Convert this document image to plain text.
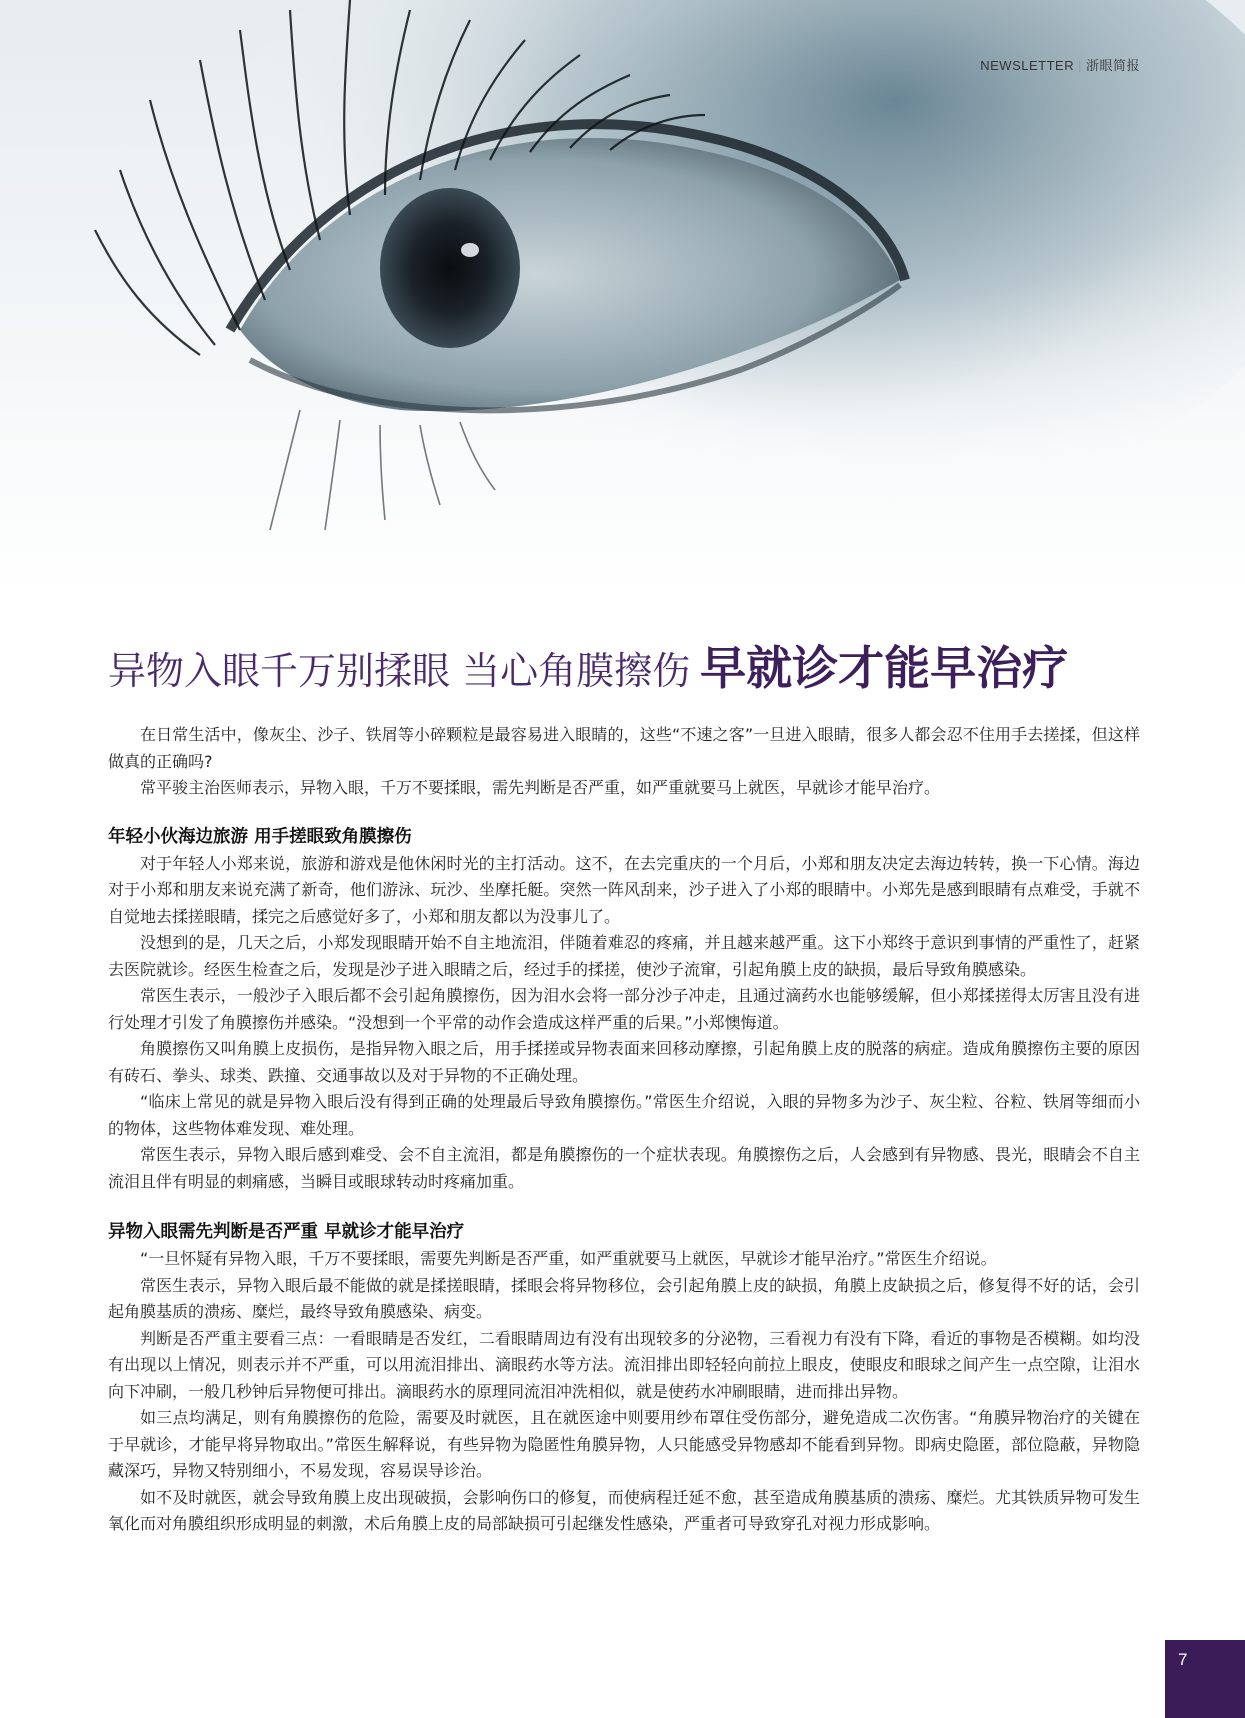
NEWSLETTER | 浙眼简报
异物入眼千万别揉眼 当心角膜擦伤 早就诊才能早治疗

在日常生活中，像灰尘、沙子、铁屑等小碎颗粒是最容易进入眼睛的，这些“不速之客”一旦进入眼睛，很多人都会忍不住用手去搓揉，但这样做真的正确吗?

常平骏主治医师表示，异物入眼，千万不要揉眼，需先判断是否严重，如严重就要马上就医，早就诊才能早治疗。

年轻小伙海边旅游 用手搓眼致角膜擦伤

对于年轻人小郑来说，旅游和游戏是他休闲时光的主打活动。这不，在去完重庆的一个月后，小郑和朋友决定去海边转转，换一下心情。海边对于小郑和朋友来说充满了新奇，他们游泳、玩沙、坐摩托艇。突然一阵风刮来，沙子进入了小郑的眼睛中。小郑先是感到眼睛有点难受，手就不自觉地去揉搓眼睛，揉完之后感觉好多了，小郑和朋友都以为没事儿了。

没想到的是，几天之后，小郑发现眼睛开始不自主地流泪，伴随着难忍的疼痛，并且越来越严重。这下小郑终于意识到事情的严重性了，赶紧去医院就诊。经医生检查之后，发现是沙子进入眼睛之后，经过手的揉搓，使沙子流窜，引起角膜上皮的缺损，最后导致角膜感染。

常医生表示，一般沙子入眼后都不会引起角膜擦伤，因为泪水会将一部分沙子冲走，且通过滴药水也能够缓解，但小郑揉搓得太厉害且没有进行处理才引发了角膜擦伤并感染。“没想到一个平常的动作会造成这样严重的后果。”小郑懊悔道。

角膜擦伤又叫角膜上皮损伤，是指异物入眼之后，用手揉搓或异物表面来回移动摩擦，引起角膜上皮的脱落的病症。造成角膜擦伤主要的原因有砖石、拳头、球类、跌撞、交通事故以及对于异物的不正确处理。

“临床上常见的就是异物入眼后没有得到正确的处理最后导致角膜擦伤。”常医生介绍说，入眼的异物多为沙子、灰尘粒、谷粒、铁屑等细而小的物体，这些物体难发现、难处理。

常医生表示，异物入眼后感到难受、会不自主流泪，都是角膜擦伤的一个症状表现。角膜擦伤之后，人会感到有异物感、畏光，眼睛会不自主流泪且伴有明显的刺痛感，当瞬目或眼球转动时疼痛加重。

异物入眼需先判断是否严重 早就诊才能早治疗

“一旦怀疑有异物入眼，千万不要揉眼，需要先判断是否严重，如严重就要马上就医，早就诊才能早治疗。”常医生介绍说。

常医生表示，异物入眼后最不能做的就是揉搓眼睛，揉眼会将异物移位，会引起角膜上皮的缺损，角膜上皮缺损之后，修复得不好的话，会引起角膜基质的溃疡、糜烂，最终导致角膜感染、病变。

判断是否严重主要看三点：一看眼睛是否发红，二看眼睛周边有没有出现较多的分泌物，三看视力有没有下降，看近的事物是否模糊。如均没有出现以上情况，则表示并不严重，可以用流泪排出、滴眼药水等方法。流泪排出即轻轻向前拉上眼皮，使眼皮和眼球之间产生一点空隙，让泪水向下冲刷，一般几秒钟后异物便可排出。滴眼药水的原理同流泪冲洗相似，就是使药水冲刷眼睛，进而排出异物。

如三点均满足，则有角膜擦伤的危险，需要及时就医，且在就医途中则要用纱布罩住受伤部分，避免造成二次伤害。“角膜异物治疗的关键在于早就诊，才能早将异物取出。”常医生解释说，有些异物为隐匿性角膜异物，人只能感受异物感却不能看到异物。即病史隐匿，部位隐蔽，异物隐藏深巧，异物又特别细小，不易发现，容易误导诊治。

如不及时就医，就会导致角膜上皮出现破损，会影响伤口的修复，而使病程迁延不愈，甚至造成角膜基质的溃疡、糜烂。尤其铁质异物可发生氧化而对角膜组织形成明显的刺激，术后角膜上皮的局部缺损可引起继发性感染，严重者可导致穿孔对视力形成影响。

7
